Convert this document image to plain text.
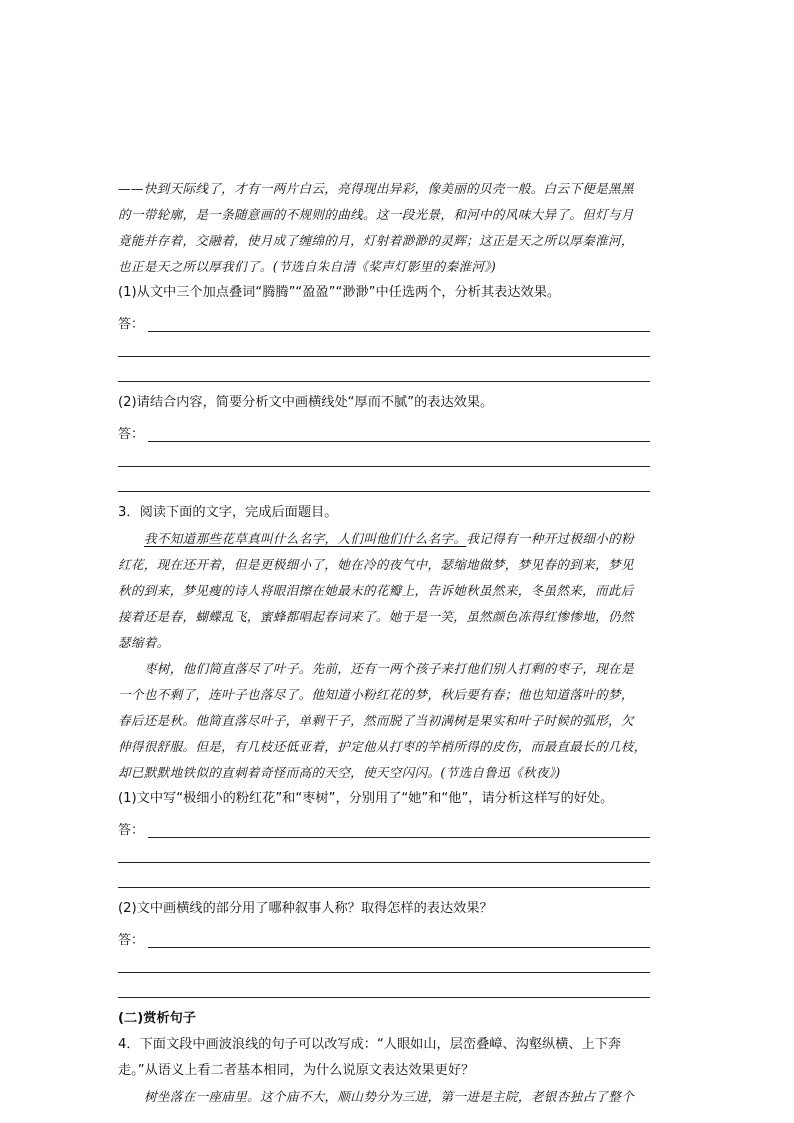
——快到天际线了，才有一两片白云，亮得现出异彩，像美丽的贝壳一般。白云下便是黑黑

的一带轮廓，是一条随意画的不规则的曲线。这一段光景，和河中的风味大异了。但灯与月

竟能并存着，交融着，使月成了缠绵的月，灯射着渺渺的灵辉；这正是天之所以厚秦淮河，

也正是天之所以厚我们了。(节选自朱自清《桨声灯影里的秦淮河》)

(1)从文中三个加点叠词“腾腾”“盈盈”“渺渺”中任选两个，分析其表达效果。

答：

(2)请结合内容，简要分析文中画横线处“厚而不腻”的表达效果。

答：

3．阅读下面的文字，完成后面题目。

我不知道那些花草真叫什么名字，人们叫他们什么名字。我记得有一种开过极细小的粉

红花，现在还开着，但是更极细小了，她在冷的夜气中，瑟缩地做梦，梦见春的到来，梦见

秋的到来，梦见瘦的诗人将眼泪擦在她最末的花瓣上，告诉她秋虽然来，冬虽然来，而此后

接着还是春，蝴蝶乱飞，蜜蜂都唱起春词来了。她于是一笑，虽然颜色冻得红惨惨地，仍然

瑟缩着。

枣树，他们简直落尽了叶子。先前，还有一两个孩子来打他们别人打剩的枣子，现在是

一个也不剩了，连叶子也落尽了。他知道小粉红花的梦，秋后要有春；他也知道落叶的梦，

春后还是秋。他简直落尽叶子，单剩干子，然而脱了当初满树是果实和叶子时候的弧形，欠

伸得很舒服。但是，有几枝还低亚着，护定他从打枣的竿梢所得的皮伤，而最直最长的几枝，

却已默默地铁似的直刺着奇怪而高的天空，使天空闪闪。(节选自鲁迅《秋夜》)

(1)文中写“极细小的粉红花”和“枣树”，分别用了“她”和“他”，请分析这样写的好处。

答：

(2)文中画横线的部分用了哪种叙事人称？取得怎样的表达效果？

答：

(二)赏析句子

4．下面文段中画波浪线的句子可以改写成：“人眼如山，层峦叠嶂、沟壑纵横、上下奔

走。”从语义上看二者基本相同，为什么说原文表达效果更好？

树坐落在一座庙里。这个庙不大，顺山势分为三进，第一进是主院，老银杏独占了整个
